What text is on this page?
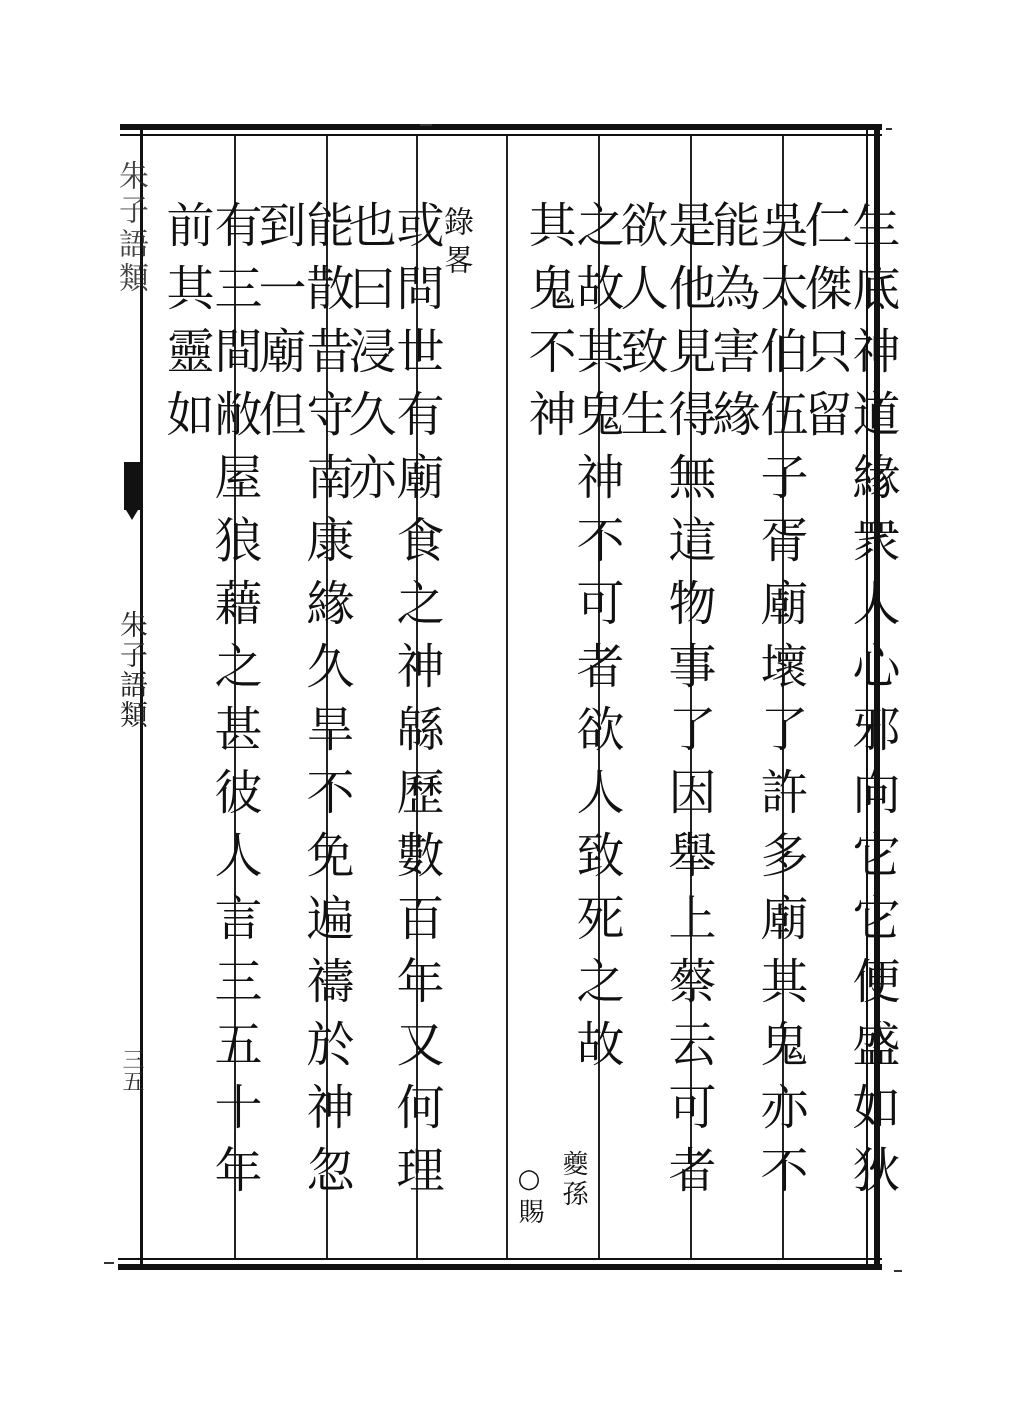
朱子語類
朱子語類
三五	生底神道緣衆人心邪向它它便盛如狄仁傑只留
吳太伯伍子胥廟壞了許多廟其鬼亦不能為害緣
是他見得無這物事了因舉上蔡云可者欲人致生
之故其鬼神不可者欲人致死之故其鬼不神
夔孫
○賜
錄畧
或問世有廟食之神緜歷數百年又何理也曰浸久亦
能散昔守南康緣久旱不免遍禱於神忽到一廟但
有三間敝屋狼藉之甚彼人言三五十年前其靈如
